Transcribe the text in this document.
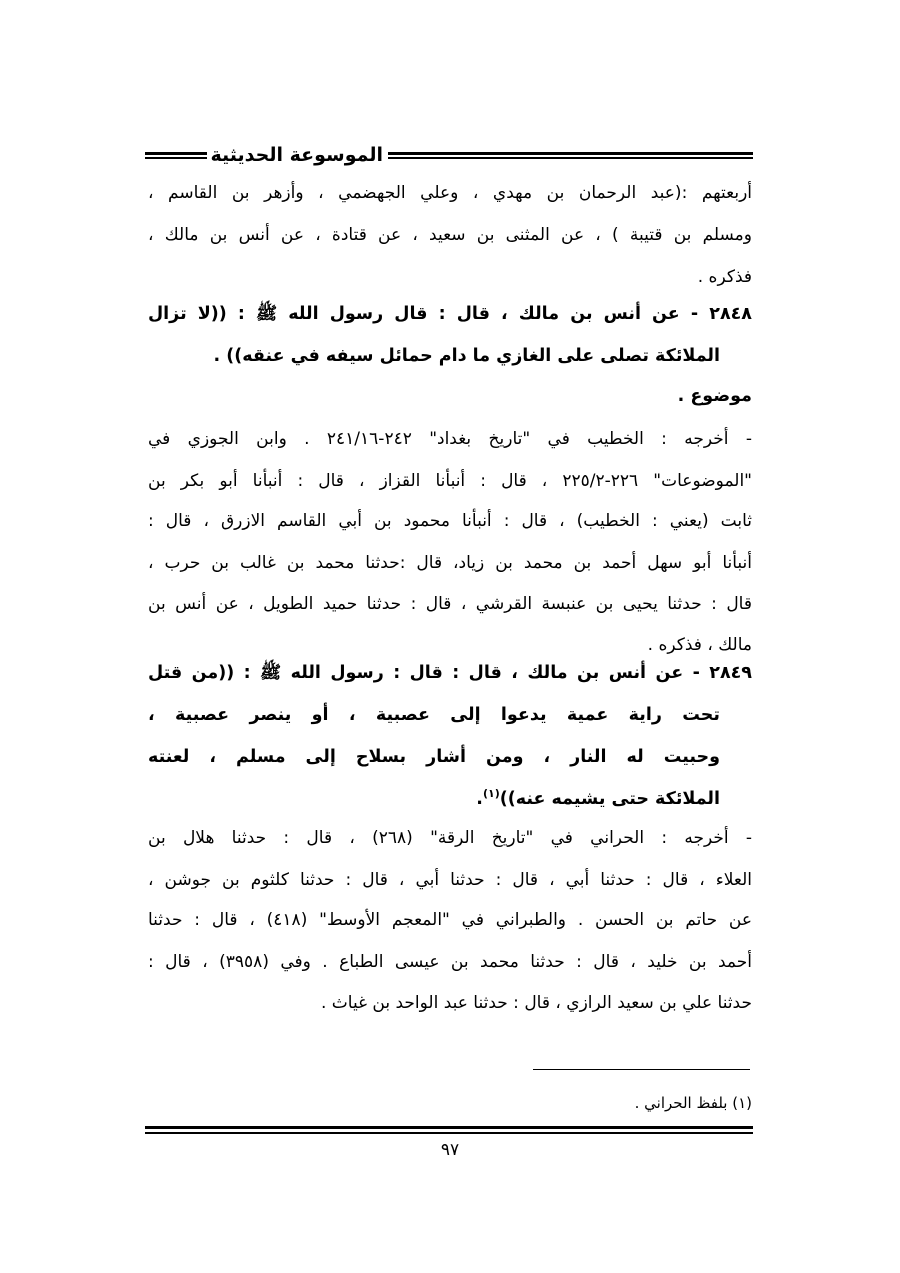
الموسوعة الحديثية
أربعتهم :(عبد الرحمان بن مهدي ، وعلي الجهضمي ، وأزهر بن القاسم ،
ومسلم بن قتيبة ) ، عن المثنى بن سعيد ، عن قتادة ، عن أنس بن مالك ،
فذكره .
٢٨٤٨ - عن أنس بن مالك ، قال : قال رسول الله ﷺ : ((لا تزال
الملائكة تصلى على الغازي ما دام حمائل سيفه في عنقه)) .
موضوع .
- أخرجه : الخطيب في "تاريخ بغداد" ٢٤٢-٢٤١/١٦ . وابن الجوزي في
"الموضوعات" ٢٢٦-٢٢٥/٢ ، قال : أنبأنا القزاز ، قال : أنبأنا أبو بكر بن
ثابت (يعني : الخطيب) ، قال : أنبأنا محمود بن أبي القاسم الازرق ، قال :
أنبأنا أبو سهل أحمد بن محمد بن زياد، قال :حدثنا محمد بن غالب بن حرب ،
قال : حدثنا يحيى بن عنبسة القرشي ، قال : حدثنا حميد الطويل ، عن أنس بن
مالك ، فذكره .
٢٨٤٩ - عن أنس بن مالك ، قال : قال : رسول الله ﷺ : ((من قتل
تحت راية عمية يدعوا إلى عصبية ، أو ينصر عصبية ،
وحبيت له النار ، ومن أشار بسلاح إلى مسلم ، لعنته
الملائكة حتى يشيمه عنه))$^{(١)}$.
- أخرجه : الحراني في "تاريخ الرقة" (٢٦٨) ، قال : حدثنا هلال بن
العلاء ، قال : حدثنا أبي ، قال : حدثنا أبي ، قال : حدثنا كلثوم بن جوشن ،
عن حاتم بن الحسن . والطبراني في "المعجم الأوسط" (٤١٨) ، قال : حدثنا
أحمد بن خليد ، قال : حدثنا محمد بن عيسى الطباع . وفي (٣٩٥٨) ، قال :
حدثنا علي بن سعيد الرازي ، قال : حدثنا عبد الواحد بن غياث .
(١) بلفظ الحراني .
٩٧
